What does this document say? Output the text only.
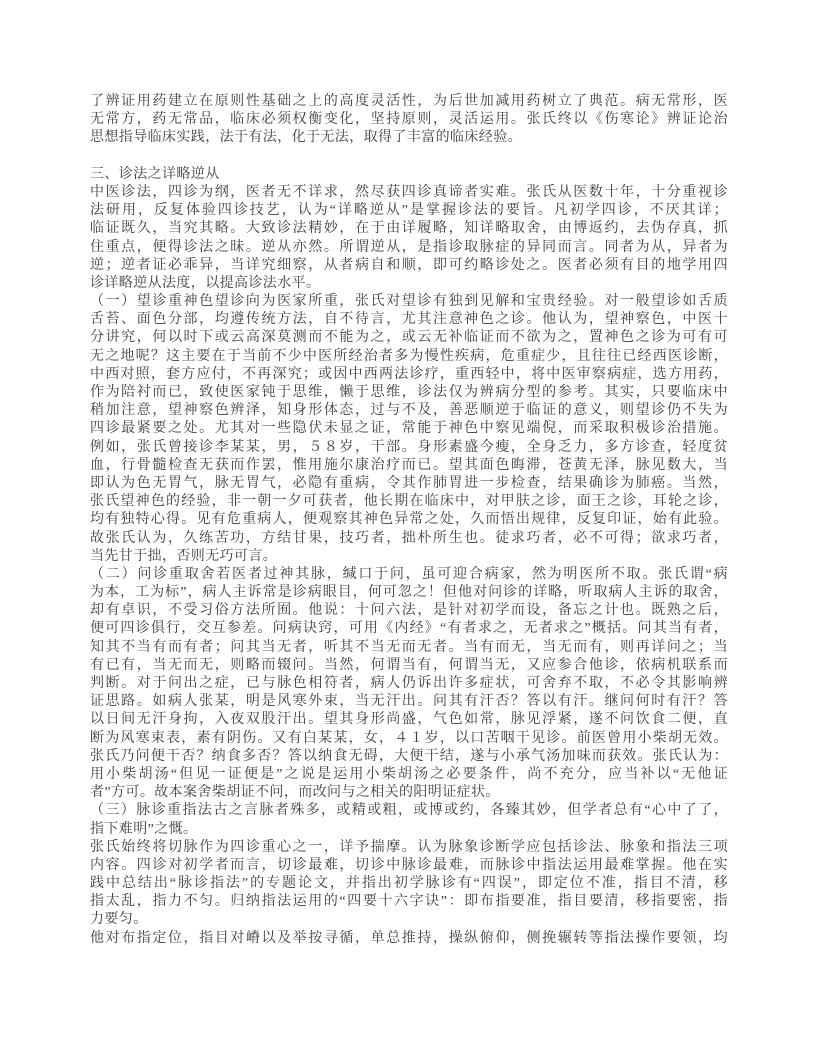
了辨证用药建立在原则性基础之上的高度灵活性，为后世加减用药树立了典范。病无常形，医
无常方，药无常品，临床必须权衡变化，坚持原则，灵活运用。张氏终以《伤寒论》辨证论治
思想指导临床实践，法于有法，化于无法，取得了丰富的临床经验。
三、诊法之详略逆从
中医诊法，四诊为纲，医者无不详求，然尽获四诊真谛者实难。张氏从医数十年，十分重视诊
法研用，反复体验四诊技艺，认为“详略逆从”是掌握诊法的要旨。凡初学四诊，不厌其详；
临证既久，当究其略。大致诊法精妙，在于由详履略，知详略取舍，由博返约，去伪存真，抓
住重点，便得诊法之昧。逆从亦然。所谓逆从，是指诊取脉症的异同而言。同者为从，异者为
逆；逆者证必乖异，当详究细察，从者病自和顺，即可约略诊处之。医者必须有目的地学用四
诊详略逆从法度，以提高诊法水平。
（一）望诊重神色望诊向为医家所重，张氏对望诊有独到见解和宝贵经验。对一般望诊如舌质
舌苔、面色分部，均遵传统方法，自不待言，尤其注意神色之诊。他认为，望神察色，中医十
分讲究，何以时下或云高深莫测而不能为之，或云无补临证而不欲为之，置神色之诊为可有可
无之地呢？这主要在于当前不少中医所经治者多为慢性疾病，危重症少，且往往已经西医诊断，
中西对照，套方应付，不再深究；或因中西两法诊疗，重西轻中，将中医审察病症，选方用药，
作为陪衬而已，致使医家钝于思维，懒于思维，诊法仅为辨病分型的参考。其实，只要临床中
稍加注意，望神察色辨泽，知身形体态，过与不及，善恶顺逆于临证的意义，则望诊仍不失为
四诊最紧要之处。尤其对一些隐伏未显之证，常能于神色中察见端倪，而采取积极诊治措施。
例如，张氏曾接诊李某某，男，５８岁，干部。身形素盛今瘦，全身乏力，多方诊查，轻度贫
血，行骨髓检查无获而作罢，惟用施尔康治疗而已。望其面色晦滞，苍黄无泽，脉见数大，当
即认为色无胃气，脉无胃气，必隐有重病，令其作肺胃进一步检查，结果确诊为肺癌。当然，
张氏望神色的经验，非一朝一夕可获者，他长期在临床中，对甲肤之诊，面王之诊，耳轮之诊，
均有独特心得。见有危重病人，便观察其神色异常之处，久而悟出规律，反复印证，始有此验。
故张氏认为，久练苦功，方结甘果，技巧者，拙朴所生也。徒求巧者，必不可得；欲求巧者，
当先甘于拙，否则无巧可言。
（二）问诊重取舍若医者过神其脉，缄口于问，虽可迎合病家，然为明医所不取。张氏谓“病
为本，工为标”，病人主诉常是诊病眼目，何可忽之！但他对问诊的详略，听取病人主诉的取舍，
却有卓识，不受习俗方法所囿。他说：十问六法，是针对初学而设，备忘之计也。既熟之后，
便可四诊俱行，交互参差。问病诀窍，可用《内经》“有者求之，无者求之”概括。问其当有者，
知其不当有而有者；问其当无者，听其不当无而无者。当有而无，当无而有，则再详问之；当
有已有，当无而无，则略而辍问。当然，何谓当有，何谓当无，又应参合他诊，依病机联系而
判断。对于问出之症，已与脉色相符者，病人仍诉出许多症状，可舍弃不取，不必令其影响辨
证思路。如病人张某，明是风寒外束，当无汗出。问其有汗否？答以有汗。继问何时有汗？答
以日间无汗身拘，入夜双股汗出。望其身形尚盛，气色如常，脉见浮紧，遂不问饮食二便，直
断为风寒束表，素有阴伤。又有白某某，女，４１岁，以口苦咽干见诊。前医曾用小柴胡无效。
张氏乃问便干否？纳食多否？答以纳食无碍，大便干结，遂与小承气汤加味而获效。张氏认为：
用小柴胡汤“但见一证便是”之说是运用小柴胡汤之必要条件，尚不充分，应当补以“无他证
者”方可。故本案舍柴胡证不问，而改问与之相关的阳明证症状。
（三）脉诊重指法古之言脉者殊多，或精或粗，或博或约，各臻其妙，但学者总有“心中了了，
指下难明”之慨。
张氏始终将切脉作为四诊重心之一，详予揣摩。认为脉象诊断学应包括诊法、脉象和指法三项
内容。四诊对初学者而言，切诊最难，切诊中脉诊最难，而脉诊中指法运用最难掌握。他在实
践中总结出“脉诊指法”的专题论文，并指出初学脉诊有“四误”，即定位不准，指目不清，移
指太乱，指力不匀。归纳指法运用的“四要十六字诀”：即布指要准，指目要清，移指要密，指
力要匀。
他对布指定位，指目对嵴以及举按寻循，单总推持，操纵俯仰，侧挽辗转等指法操作要领，均
